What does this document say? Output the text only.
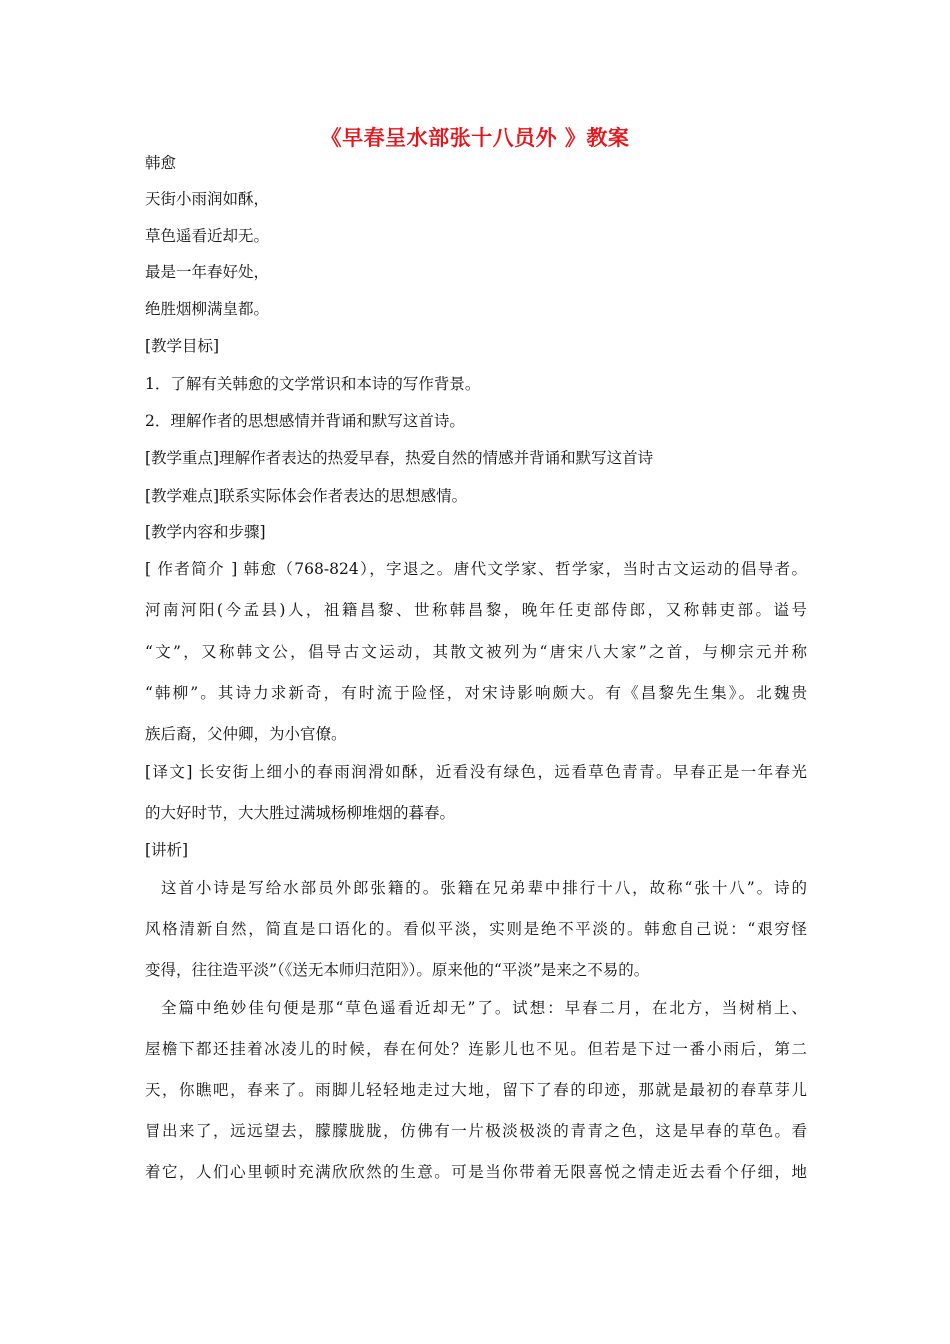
《早春呈水部张十八员外 》教案
韩愈
天街小雨润如酥，
草色遥看近却无。
最是一年春好处，
绝胜烟柳满皇都。
[教学目标]
1．了解有关韩愈的文学常识和本诗的写作背景。
2．理解作者的思想感情并背诵和默写这首诗。
[教学重点]理解作者表达的热爱早春，热爱自然的情感并背诵和默写这首诗
[教学难点]联系实际体会作者表达的思想感情。
[教学内容和步骤]
[ 作者简介 ] 韩愈（768-824），字退之。唐代文学家、哲学家，当时古文运动的倡导者。
河南河阳(今孟县)人，祖籍昌黎、世称韩昌黎，晚年任吏部侍郎，又称韩吏部。谥号
“文”，又称韩文公，倡导古文运动，其散文被列为“唐宋八大家”之首，与柳宗元并称
“韩柳”。其诗力求新奇，有时流于险怪，对宋诗影响颇大。有《昌黎先生集》。北魏贵
族后裔，父仲卿，为小官僚。
[译文] 长安街上细小的春雨润滑如酥，近看没有绿色，远看草色青青。早春正是一年春光
的大好时节，大大胜过满城杨柳堆烟的暮春。
[讲析]
这首小诗是写给水部员外郎张籍的。张籍在兄弟辈中排行十八，故称“张十八”。诗的
风格清新自然，简直是口语化的。看似平淡，实则是绝不平淡的。韩愈自己说：“艰穷怪
变得，往往造平淡”（《送无本师归范阳》）。原来他的“平淡”是来之不易的。
全篇中绝妙佳句便是那“草色遥看近却无”了。试想：早春二月，在北方，当树梢上、
屋檐下都还挂着冰凌儿的时候，春在何处？连影儿也不见。但若是下过一番小雨后，第二
天，你瞧吧，春来了。雨脚儿轻轻地走过大地，留下了春的印迹，那就是最初的春草芽儿
冒出来了，远远望去，朦朦胧胧，仿佛有一片极淡极淡的青青之色，这是早春的草色。看
着它，人们心里顿时充满欣欣然的生意。可是当你带着无限喜悦之情走近去看个仔细，地
